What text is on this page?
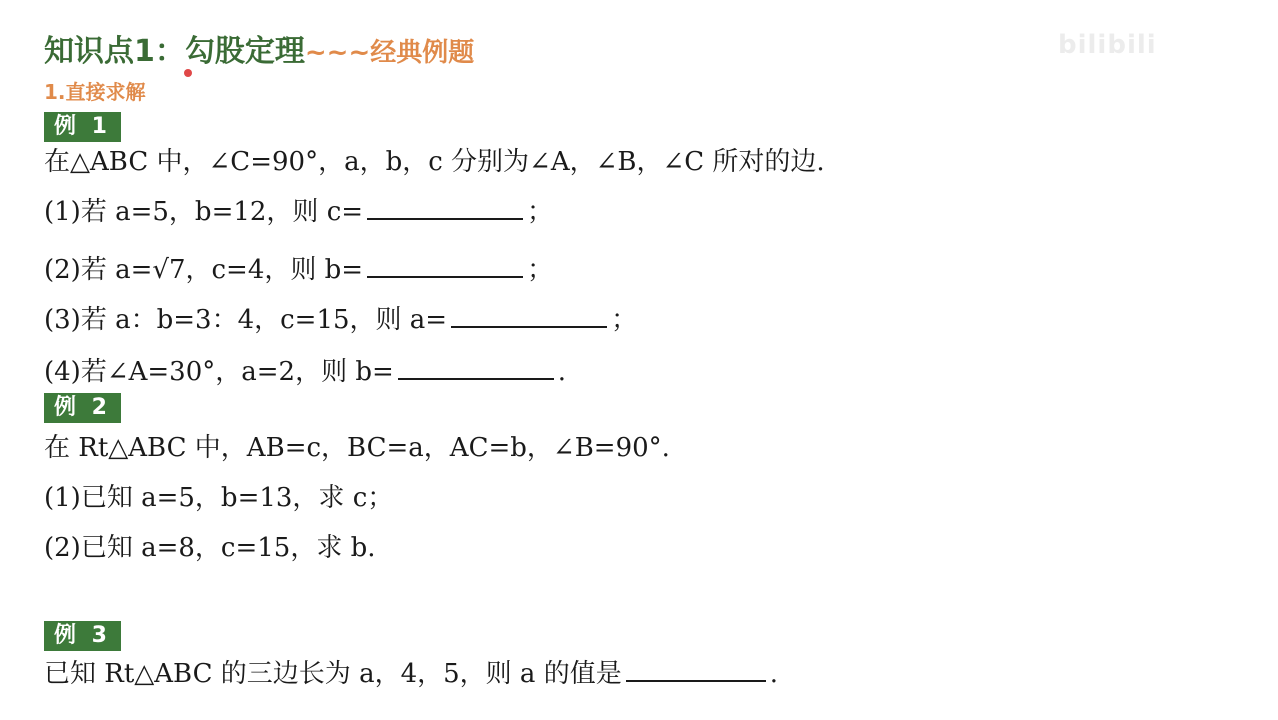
知识点1：勾股定理~~~经典例题	bilibili
1.直接求解
例 1
在△ABC 中，∠C=90°，a，b，c 分别为∠A，∠B，∠C 所对的边.
(1)若 a=5，b=12，则 c=	；
(2)若 a=√7，c=4，则 b=	；
(3)若 a：b=3：4，c=15，则 a=	；
(4)若∠A=30°，a=2，则 b=	.
例 2
在 Rt△ABC 中，AB=c，BC=a，AC=b，∠B=90°.
(1)已知 a=5，b=13，求 c；
(2)已知 a=8，c=15，求 b.
例 3
已知 Rt△ABC 的三边长为 a，4，5，则 a 的值是	.
